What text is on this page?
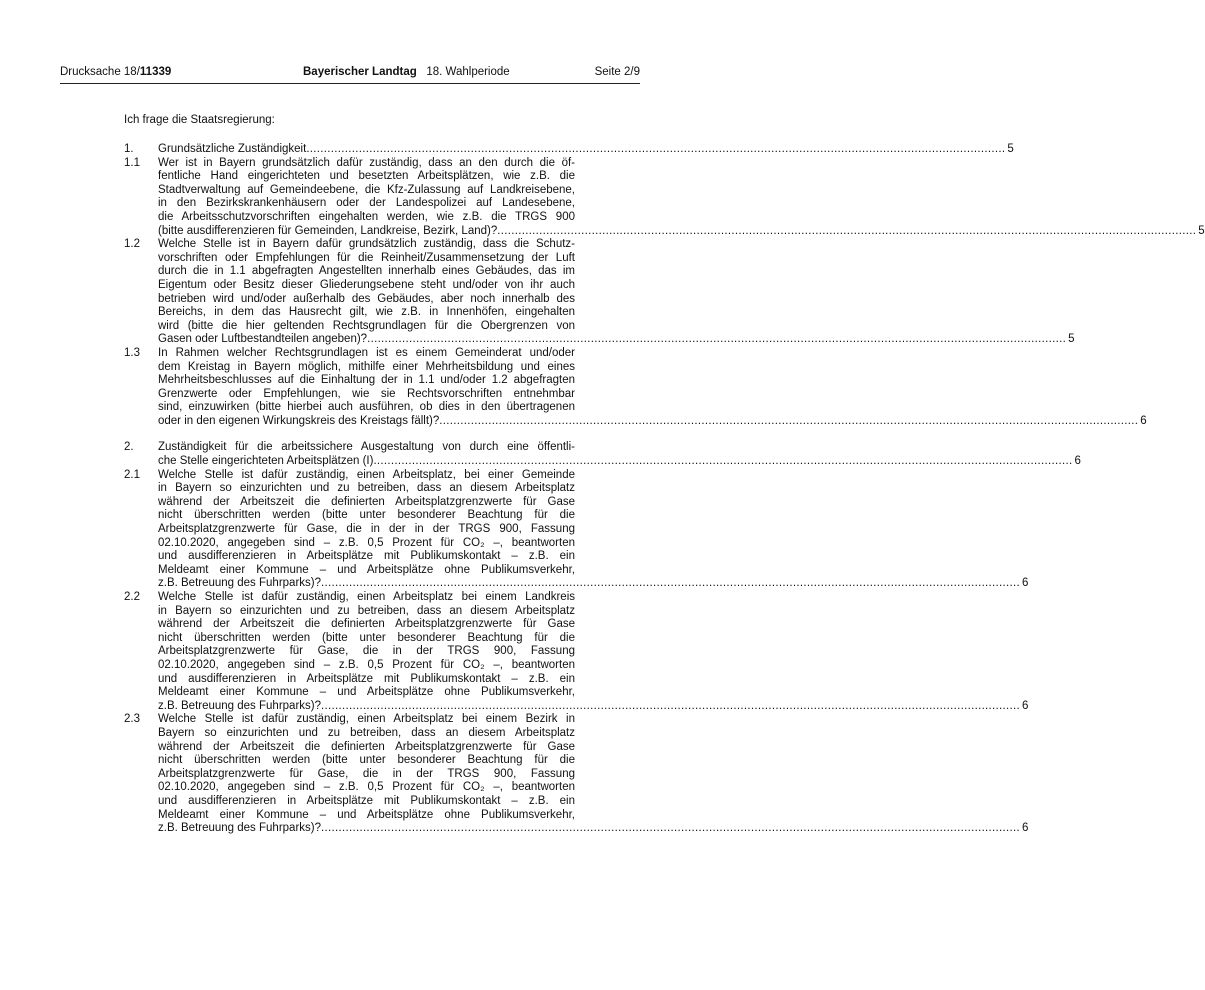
Drucksache 18/11339	Bayerischer Landtag 18. Wahlperiode	Seite 2/9
Ich frage die Staatsregierung:
1.	Grundsätzliche Zuständigkeit ........................................................................................................................................................................................................ 5
1.1	Wer ist in Bayern grundsätzlich dafür zuständig, dass an den durch die öf-
fentliche Hand eingerichteten und besetzten Arbeitsplätzen, wie z.B. die
Stadtverwaltung auf Gemeindeebene, die Kfz-Zulassung auf Landkreisebene,
in den Bezirkskrankenhäusern oder der Landespolizei auf Landesebene,
die Arbeitsschutzvorschriften eingehalten werden, wie z.B. die TRGS 900
(bitte ausdifferenzieren für Gemeinden, Landkreise, Bezirk, Land)? ........................................................................................................................................................................................................ 5
1.2	Welche Stelle ist in Bayern dafür grundsätzlich zuständig, dass die Schutz-
vorschriften oder Empfehlungen für die Reinheit/Zusammensetzung der Luft
durch die in 1.1 abgefragten Angestellten innerhalb eines Gebäudes, das im
Eigentum oder Besitz dieser Gliederungsebene steht und/oder von ihr auch
betrieben wird und/oder außerhalb des Gebäudes, aber noch innerhalb des
Bereichs, in dem das Hausrecht gilt, wie z.B. in Innenhöfen, eingehalten
wird (bitte die hier geltenden Rechtsgrundlagen für die Obergrenzen von
Gasen oder Luftbestandteilen angeben)? ........................................................................................................................................................................................................ 5
1.3	In Rahmen welcher Rechtsgrundlagen ist es einem Gemeinderat und/oder
dem Kreistag in Bayern möglich, mithilfe einer Mehrheitsbildung und eines
Mehrheitsbeschlusses auf die Einhaltung der in 1.1 und/oder 1.2 abgefragten
Grenzwerte oder Empfehlungen, wie sie Rechtsvorschriften entnehmbar
sind, einzuwirken (bitte hierbei auch ausführen, ob dies in den übertragenen
oder in den eigenen Wirkungskreis des Kreistags fällt)? ........................................................................................................................................................................................................ 6
2.	Zuständigkeit für die arbeitssichere Ausgestaltung von durch eine öffentli-
che Stelle eingerichteten Arbeitsplätzen (I) ........................................................................................................................................................................................................ 6
2.1	Welche Stelle ist dafür zuständig, einen Arbeitsplatz, bei einer Gemeinde
in Bayern so einzurichten und zu betreiben, dass an diesem Arbeitsplatz
während der Arbeitszeit die definierten Arbeitsplatzgrenzwerte für Gase
nicht überschritten werden (bitte unter besonderer Beachtung für die
Arbeitsplatzgrenzwerte für Gase, die in der in der TRGS 900, Fassung
02.10.2020, angegeben sind – z.B. 0,5 Prozent für CO₂ –, beantworten
und ausdifferenzieren in Arbeitsplätze mit Publikumskontakt – z.B. ein
Meldeamt einer Kommune – und Arbeitsplätze ohne Publikumsverkehr,
z.B. Betreuung des Fuhrparks)? ........................................................................................................................................................................................................ 6
2.2	Welche Stelle ist dafür zuständig, einen Arbeitsplatz bei einem Landkreis
in Bayern so einzurichten und zu betreiben, dass an diesem Arbeitsplatz
während der Arbeitszeit die definierten Arbeitsplatzgrenzwerte für Gase
nicht überschritten werden (bitte unter besonderer Beachtung für die
Arbeitsplatzgrenzwerte für Gase, die in der TRGS 900, Fassung
02.10.2020, angegeben sind – z.B. 0,5 Prozent für CO₂ –, beantworten
und ausdifferenzieren in Arbeitsplätze mit Publikumskontakt – z.B. ein
Meldeamt einer Kommune – und Arbeitsplätze ohne Publikumsverkehr,
z.B. Betreuung des Fuhrparks)? ........................................................................................................................................................................................................ 6
2.3	Welche Stelle ist dafür zuständig, einen Arbeitsplatz bei einem Bezirk in
Bayern so einzurichten und zu betreiben, dass an diesem Arbeitsplatz
während der Arbeitszeit die definierten Arbeitsplatzgrenzwerte für Gase
nicht überschritten werden (bitte unter besonderer Beachtung für die
Arbeitsplatzgrenzwerte für Gase, die in der TRGS 900, Fassung
02.10.2020, angegeben sind – z.B. 0,5 Prozent für CO₂ –, beantworten
und ausdifferenzieren in Arbeitsplätze mit Publikumskontakt – z.B. ein
Meldeamt einer Kommune – und Arbeitsplätze ohne Publikumsverkehr,
z.B. Betreuung des Fuhrparks)? ........................................................................................................................................................................................................ 6
